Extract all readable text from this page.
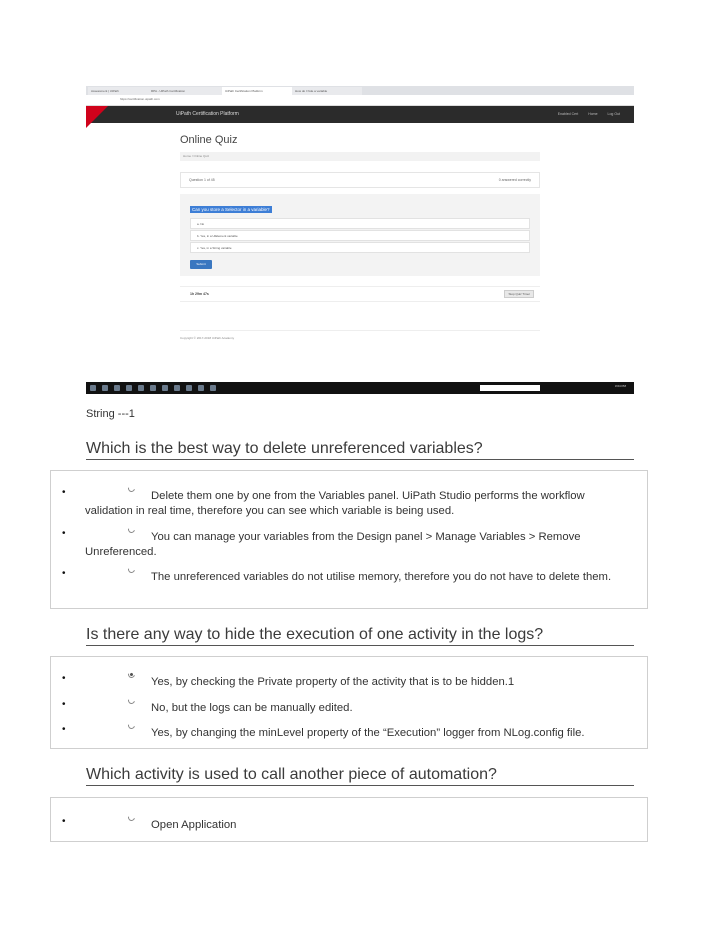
Assessment | UiPath	RPA - UiPath Certification	UiPath Certification Platform	How do I hide a variable
https://certification.uipath.com
UiPath Certification Platform	Enabled Cert	Home	Log Out
Online Quiz
Home / Online Quiz
Question 1 of 45	0 answered correctly
Can you store a Selector in a variable?
a. No
b. Yes, in a UiElement variable
c. Yes, in a String variable
Submit
1h 29m 47s	Stop Quiz Timer
Copyright © 2017-2018 UiPath Academy
3:04 PM
String ---1
Which is the best way to delete unreferenced variables?
•	Delete them one by one from the Variables panel. UiPath Studio performs the workflow validation in real time, therefore you can see which variable is being used.
•	You can manage your variables from the Design panel > Manage Variables > Remove Unreferenced.
•	The unreferenced variables do not utilise memory, therefore you do not have to delete them.
Is there any way to hide the execution of one activity in the logs?
•	Yes, by checking the Private property of the activity that is to be hidden.1
•	No, but the logs can be manually edited.
•	Yes, by changing the minLevel property of the “Execution” logger from NLog.config file.
Which activity is used to call another piece of automation?
•	Open Application
